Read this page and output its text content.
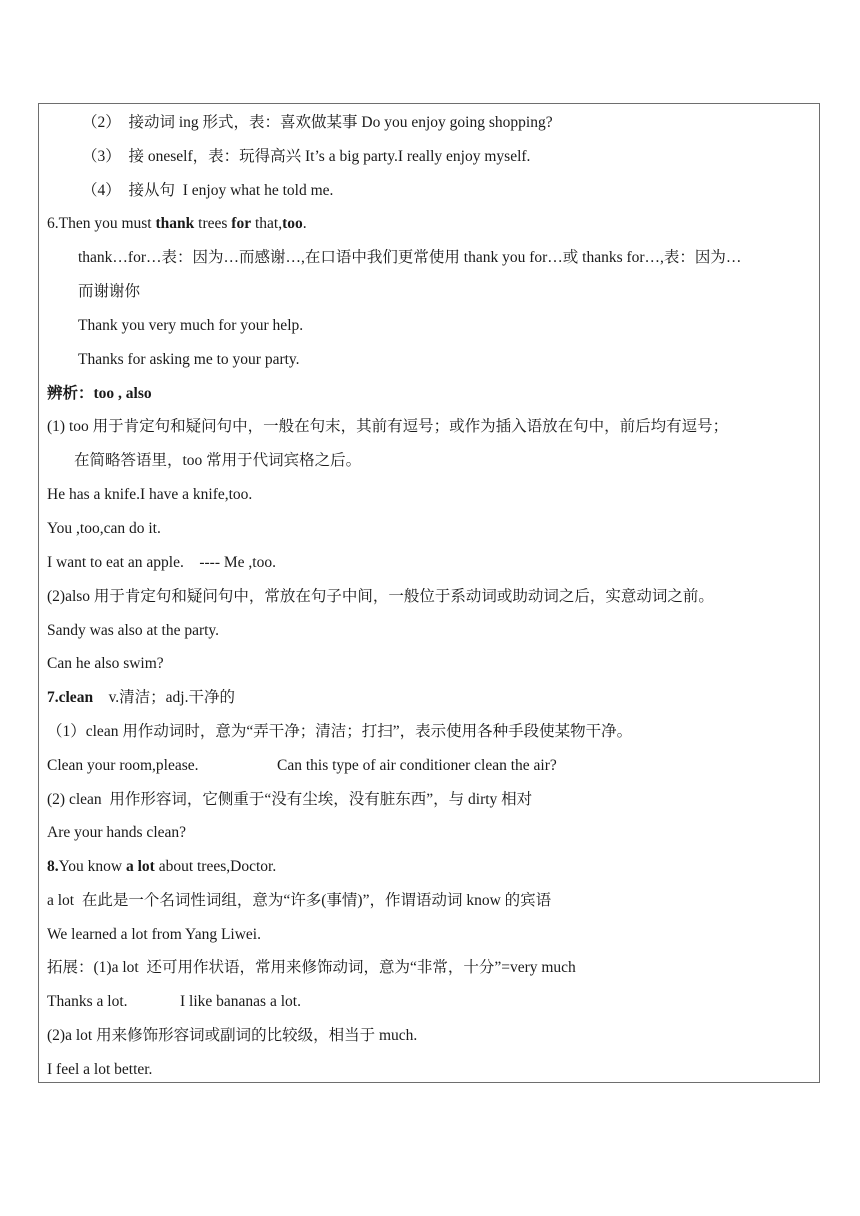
（2）  接动词 ing 形式，表：喜欢做某事 Do you enjoy going shopping?

（3）  接 oneself，表：玩得高兴 It’s a big party.I really enjoy myself.

（4）  接从句  I enjoy what he told me.

6.Then you must thank trees for that,too.

thank…for…表：因为…而感谢…,在口语中我们更常使用 thank you for…或 thanks for…,表：因为…

而谢谢你

Thank you very much for your help.

Thanks for asking me to your party.

辨析：too , also

(1) too 用于肯定句和疑问句中，一般在句末，其前有逗号；或作为插入语放在句中，前后均有逗号；

在简略答语里，too 常用于代词宾格之后。

He has a knife.I have a knife,too.

You ,too,can do it.

I want to eat an apple.    ---- Me ,too.

(2)also 用于肯定句和疑问句中，常放在句子中间，一般位于系动词或助动词之后，实意动词之前。

Sandy was also at the party.

Can he also swim?

7.clean    v.清洁；adj.干净的

（1）clean 用作动词时，意为“弄干净；清洁；打扫”，表示使用各种手段使某物干净。

Clean your room,please.	Can this type of air conditioner clean the air?

(2) clean  用作形容词，它侧重于“没有尘埃，没有脏东西”，与 dirty 相对

Are your hands clean?

8.You know a lot about trees,Doctor.

a lot  在此是一个名词性词组，意为“许多(事情)”，作谓语动词 know 的宾语

We learned a lot from Yang Liwei.

拓展：(1)a lot  还可用作状语，常用来修饰动词，意为“非常，十分”=very much

Thanks a lot.	I like bananas a lot.

(2)a lot 用来修饰形容词或副词的比较级，相当于 much.

I feel a lot better.
